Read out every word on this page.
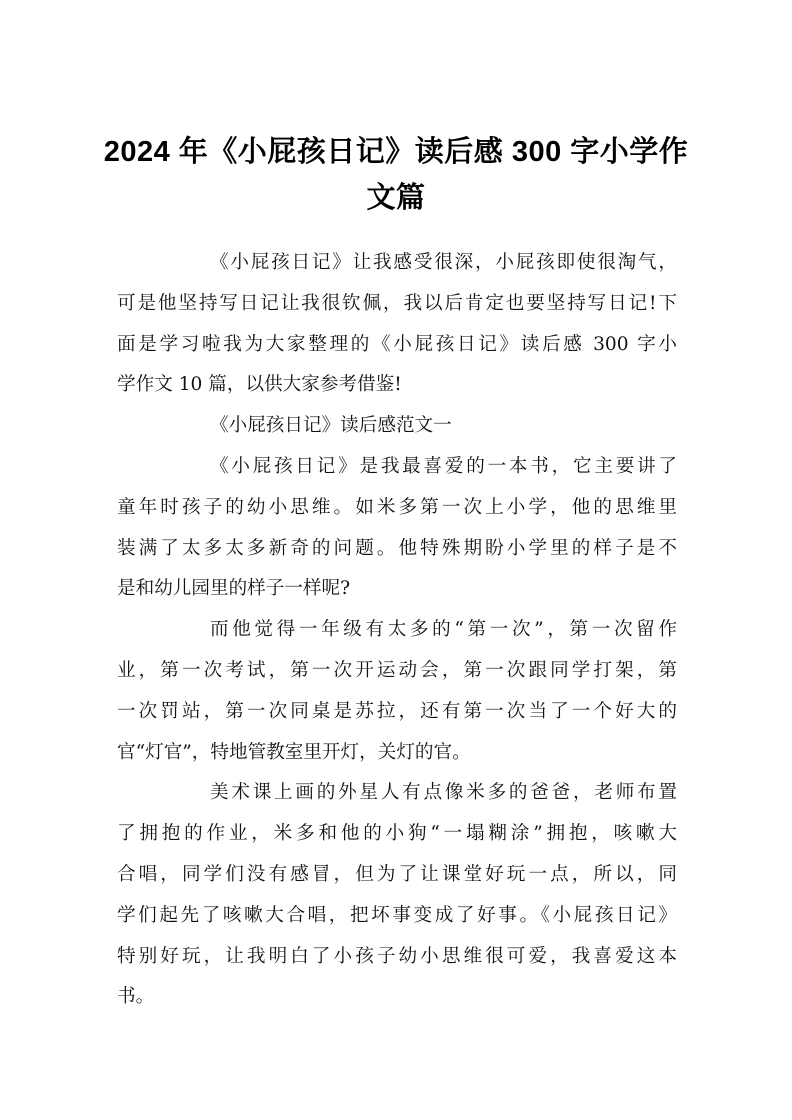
2024 年《小屁孩日记》读后感 300 字小学作
文篇
《小屁孩日记》让我感受很深，小屁孩即使很淘气，
可是他坚持写日记让我很钦佩，我以后肯定也要坚持写日记!下
面是学习啦我为大家整理的《小屁孩日记》读后感 300 字小
学作文 10 篇，以供大家参考借鉴!
《小屁孩日记》读后感范文一
《小屁孩日记》是我最喜爱的一本书，它主要讲了
童年时孩子的幼小思维。如米多第一次上小学，他的思维里
装满了太多太多新奇的问题。他特殊期盼小学里的样子是不
是和幼儿园里的样子一样呢?
而他觉得一年级有太多的“第一次”，第一次留作
业，第一次考试，第一次开运动会，第一次跟同学打架，第
一次罚站，第一次同桌是苏拉，还有第一次当了一个好大的
官“灯官”，特地管教室里开灯，关灯的官。
美术课上画的外星人有点像米多的爸爸，老师布置
了拥抱的作业，米多和他的小狗“一塌糊涂”拥抱，咳嗽大
合唱，同学们没有感冒，但为了让课堂好玩一点，所以，同
学们起先了咳嗽大合唱，把坏事变成了好事。《小屁孩日记》
特别好玩，让我明白了小孩子幼小思维很可爱，我喜爱这本
书。
